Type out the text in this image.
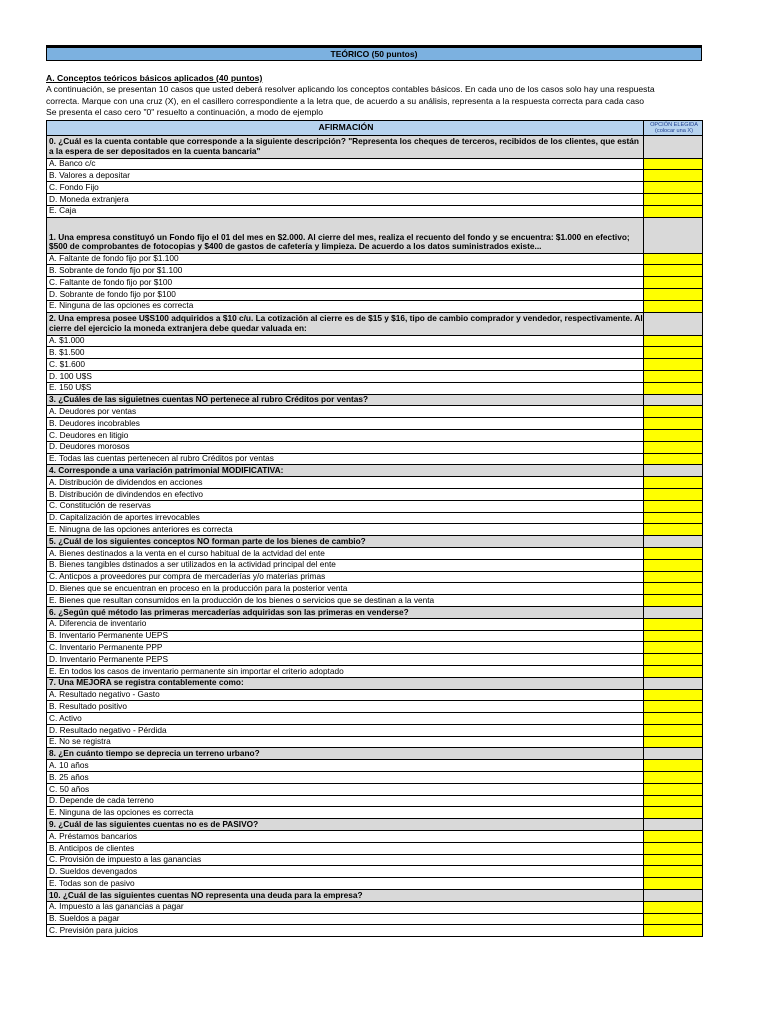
TEÓRICO (50 puntos)
A. Conceptos teóricos básicos aplicados (40 puntos)
A continuación, se presentan 10 casos que usted deberá resolver aplicando los conceptos contables básicos. En cada uno de los casos solo hay una respuesta
correcta. Marque con una cruz (X), en el casillero correspondiente a la letra que, de acuerdo a su análisis, representa a la respuesta correcta para cada caso
Se presenta el caso cero "0" resuelto a continuación, a modo de ejemplo
AFIRMACIÓN	OPCIÓN ELEGIDA
(colocar una X)
0. ¿Cuál es la cuenta contable que corresponde a la siguiente descripción? "Representa los cheques de terceros, recibidos de los clientes, que están a la espera de ser depositados en la cuenta bancaria"	
A. Banco c/c	
B. Valores a depositar	
C. Fondo Fijo	
D. Moneda extranjera	
E. Caja	
1. Una empresa constituyó un Fondo fijo el 01 del mes en $2.000. Al cierre del mes, realiza el recuento del fondo y se encuentra: $1.000 en efectivo; $500 de comprobantes de fotocopias y $400 de gastos de cafetería y limpieza. De acuerdo a los datos suministrados existe...	
A. Faltante de fondo fijo por $1.100	
B. Sobrante de fondo fijo por $1.100	
C. Faltante de fondo fijo por $100	
D. Sobrante de fondo fijo por $100	
E. Ninguna de las opciones es correcta	
2. Una empresa posee U$S100 adquiridos a $10 c/u. La cotización al cierre es de $15 y $16, tipo de cambio comprador y vendedor, respectivamente. Al cierre del ejercicio la moneda extranjera debe quedar valuada en:	
A. $1.000	
B. $1.500	
C. $1.600	
D. 100 U$S	
E. 150 U$S	
3. ¿Cuáles de las siguietnes cuentas NO pertenece al rubro Créditos por ventas?	
A. Deudores por ventas	
B. Deudores incobrables	
C. Deudores en litigio	
D. Deudores morosos	
E. Todas las cuentas pertenecen al rubro Créditos por ventas	
4. Corresponde a una variación patrimonial MODIFICATIVA:	
A. Distribución de dividendos en acciones	
B. Distribución de divindendos en efectivo	
C. Constitución de reservas	
D. Capitalización de aportes irrevocables	
E. Ninugna de las opciones anteriores es correcta	
5. ¿Cuál de los siguientes conceptos NO forman parte de los bienes de cambio?	
A. Bienes destinados a la venta en el curso habitual de la actvidad del ente	
B. Bienes tangibles dstinados a ser utilizados en la actividad principal del ente	
C. Anticpos a proveedores pur compra de mercaderías y/o materias primas	
D. Bienes que se encuentran en proceso en la producción para la posterior venta	
E. Bienes que resultan consumidos en la producción de los bienes o servicios que se destinan a la venta	
6. ¿Según qué método las primeras mercaderías adquiridas son las primeras en venderse?	
A. Diferencia de inventario	
B. Inventario Permanente UEPS	
C. Inventario Permanente PPP	
D. Inventario Permanente PEPS	
E. En todos los casos de inventario permanente sin importar el criterio adoptado	
7. Una MEJORA se registra contablemente como:	
A. Resultado negativo - Gasto	
B. Resultado positivo	
C. Activo	
D. Resultado negativo - Pérdida	
E. No se registra	
8. ¿En cuánto tiempo se deprecia un terreno urbano?	
A. 10 años	
B. 25 años	
C. 50 años	
D. Depende de cada terreno	
E. Ninguna de las opciones es correcta	
9. ¿Cuál de las siguientes cuentas no es de PASIVO?	
A. Préstamos bancarios	
B. Anticipos de clientes	
C. Provisión de impuesto a las ganancias	
D. Sueldos devengados	
E. Todas son de pasivo	
10. ¿Cuál de las siguientes cuentas NO representa una deuda para la empresa?	
A. Impuesto a las ganancias a pagar	
B. Sueldos a pagar	
C. Previsión para juicios	
